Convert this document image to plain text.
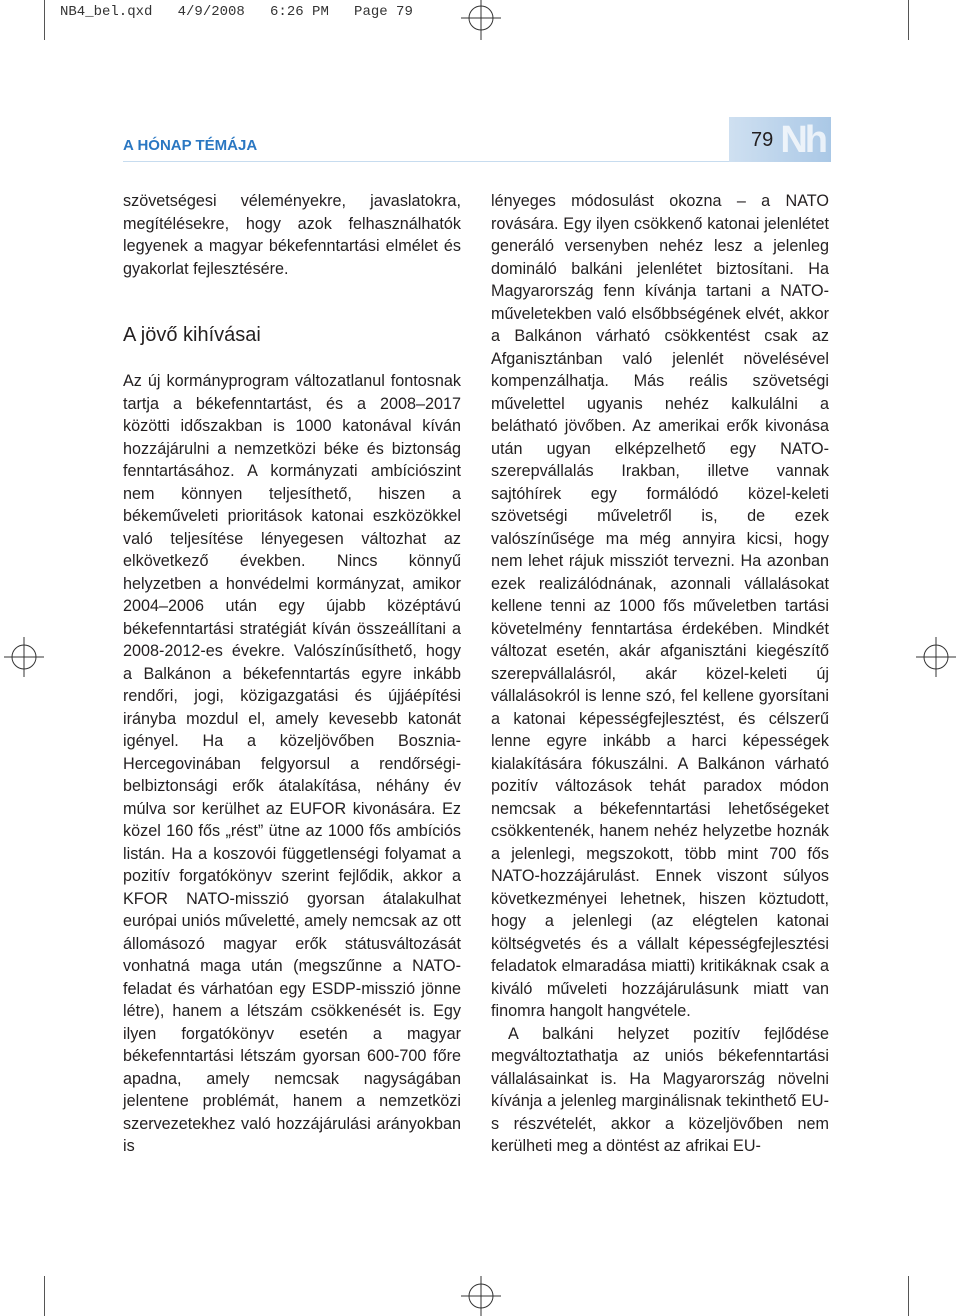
NB4_bel.qxd   4/9/2008   6:26 PM   Page 79
A HÓNAP TÉMÁJA	Nh
79

szövetségesi véleményekre, javaslatokra, megítélésekre, hogy azok felhasználhatók legyenek a magyar békefenntartási elmélet és gyakorlat fejlesztésére.

A jövő kihívásai

Az új kormányprogram változatlanul fontosnak tartja a békefenntartást, és a 2008–2017 közötti időszakban is 1000 katonával kíván hozzájárulni a nemzetközi béke és biztonság fenntartásához. A kormányzati ambíciószint nem könnyen teljesíthető, hiszen a békeműveleti prioritások katonai eszközökkel való teljesítése lényegesen változhat az elkövetkező években. Nincs könnyű helyzetben a honvédelmi kormányzat, amikor 2004–2006 után egy újabb középtávú békefenntartási stratégiát kíván összeállítani a 2008-2012-es évekre. Valószínűsíthető, hogy a Balkánon a békefenntartás egyre inkább rendőri, jogi, közigazgatási és újjáépítési irányba mozdul el, amely kevesebb katonát igényel. Ha a közeljövőben Bosznia-Hercegovinában felgyorsul a rendőrségi-belbiztonsági erők átalakítása, néhány év múlva sor kerülhet az EUFOR kivonására. Ez közel 160 fős „rést” ütne az 1000 fős ambíciós listán. Ha a koszovói függetlenségi folyamat a pozitív forgatókönyv szerint fejlődik, akkor a KFOR NATO-misszió gyorsan átalakulhat európai uniós műveletté, amely nemcsak az ott állomásozó magyar erők státusváltozását vonhatná maga után (megszűnne a NATO-feladat és várhatóan egy ESDP-misszió jönne létre), hanem a létszám csökkenését is. Egy ilyen forgatókönyv esetén a magyar békefenntartási létszám gyorsan 600-700 főre apadna, amely nemcsak nagyságában jelentene problémát, hanem a nemzetközi szervezetekhez való hozzájárulási arányokban is

lényeges módosulást okozna – a NATO rovására. Egy ilyen csökkenő katonai jelenlétet generáló versenyben nehéz lesz a jelenleg domináló balkáni jelenlétet biztosítani. Ha Magyarország fenn kívánja tartani a NATO-műveletekben való elsőbbségének elvét, akkor a Balkánon várható csökkentést csak az Afganisztánban való jelenlét növelésével kompenzálhatja. Más reális szövetségi művelettel ugyanis nehéz kalkulálni a belátható jövőben. Az amerikai erők kivonása után ugyan elképzelhető egy NATO-szerepvállalás Irakban, illetve vannak sajtóhírek egy formálódó közel-keleti szövetségi műveletről is, de ezek valószínűsége ma még annyira kicsi, hogy nem lehet rájuk missziót tervezni. Ha azonban ezek realizálódnának, azonnali vállalásokat kellene tenni az 1000 fős műveletben tartási követelmény fenntartása érdekében. Mindkét változat esetén, akár afganisztáni kiegészítő szerepvállalásról, akár közel-keleti új vállalásokról is lenne szó, fel kellene gyorsítani a katonai képességfejlesztést, és célszerű lenne egyre inkább a harci képességek kialakítására fókuszálni. A Balkánon várható pozitív változások tehát paradox módon nemcsak a békefenntartási lehetőségeket csökkentenék, hanem nehéz helyzetbe hoznák a jelenlegi, megszokott, több mint 700 fős NATO-hozzájárulást. Ennek viszont súlyos következményei lehetnek, hiszen köztudott, hogy a jelenlegi (az elégtelen katonai költségvetés és a vállalt képességfejlesztési feladatok elmaradása miatti) kritikáknak csak a kiváló műveleti hozzájárulásunk miatt van finomra hangolt hangvétele.

A balkáni helyzet pozitív fejlődése megváltoztathatja az uniós békefenntartási vállalásainkat is. Ha Magyarország növelni kívánja a jelenleg marginálisnak tekinthető EU-s részvételét, akkor a közeljövőben nem kerülheti meg a döntést az afrikai EU-
